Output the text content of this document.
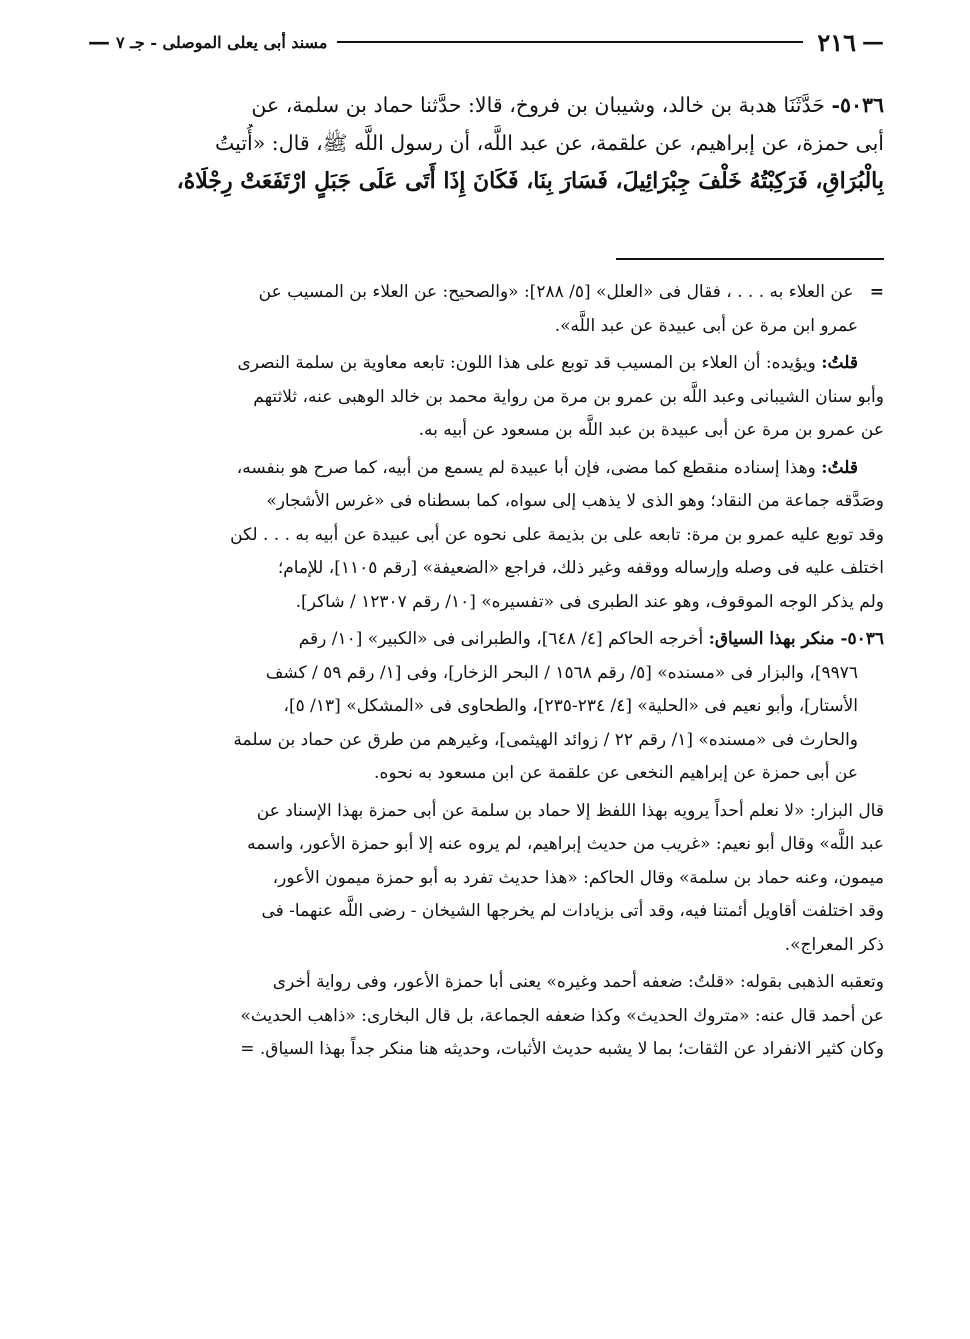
—
٢١٦
مسند أبى يعلى الموصلى - جـ ٧
—
٥٠٣٦- حَدَّثَنَا هدبة بن خالد، وشيبان بن فروخ، قالا: حدَّثنا حماد بن سلمة، عن
أبى حمزة، عن إبراهيم، عن علقمة، عن عبد اللَّه، أن رسول اللَّه ﷺ، قال: «أُتيتُ
بِالْبُرَاقِ، فَرَكِبْتُهُ خَلْفَ جِبْرَائِيلَ، فَسَارَ بِنَا، فَكَانَ إِذَا أَتَى عَلَى جَبَلٍ ارْتَفَعَتْ رِجْلَاهُ،

=   عن العلاء به . . . ، فقال فى «العلل» [٥/ ٢٨٨]: «والصحيح: عن العلاء بن المسيب عن
عمرو ابن مرة عن أبى عبيدة عن عبد اللَّه».

قلتُ: ويؤيده: أن العلاء بن المسيب قد توبع على هذا اللون: تابعه معاوية بن سلمة النصرى
وأبو سنان الشيبانى وعبد اللَّه بن عمرو بن مرة من رواية محمد بن خالد الوهبى عنه، ثلاثتهم
عن عمرو بن مرة عن أبى عبيدة بن عبد اللَّه بن مسعود عن أبيه به.

قلتُ: وهذا إسناده منقطع كما مضى، فإن أبا عبيدة لم يسمع من أبيه، كما صرح هو بنفسه،
وصَدَّقه جماعة من النقاد؛ وهو الذى لا يذهب إلى سواه، كما بسطناه فى «غرس الأشجار»
وقد توبع عليه عمرو بن مرة: تابعه على بن بذيمة على نحوه عن أبى عبيدة عن أبيه به . . . لكن
اختلف عليه فى وصله وإرساله ووقفه وغير ذلك، فراجع «الضعيفة» [رقم ١١٠٥]، للإمام؛
ولم يذكر الوجه الموقوف، وهو عند الطبرى فى «تفسيره» [١٠/ رقم ١٢٣٠٧ / شاكر].

٥٠٣٦- منكر بهذا السياق: أخرجه الحاكم [٤/ ٦٤٨]، والطبرانى فى «الكبير» [١٠/ رقم
٩٩٧٦]، والبزار فى «مسنده» [٥/ رقم ١٥٦٨ / البحر الزخار]، وفى [١/ رقم ٥٩ / كشف
الأستار]، وأبو نعيم فى «الحلية» [٤/ ٢٣٤-٢٣٥]، والطحاوى فى «المشكل» [١٣/ ٥]،
والحارث فى «مسنده» [١/ رقم ٢٢ / زوائد الهيثمى]، وغيرهم من طرق عن حماد بن سلمة
عن أبى حمزة عن إبراهيم النخعى عن علقمة عن ابن مسعود به نحوه.

قال البزار: «لا نعلم أحداً يرويه بهذا اللفظ إلا حماد بن سلمة عن أبى حمزة بهذا الإسناد عن
عبد اللَّه» وقال أبو نعيم: «غريب من حديث إبراهيم، لم يروه عنه إلا أبو حمزة الأعور، واسمه
ميمون، وعنه حماد بن سلمة» وقال الحاكم: «هذا حديث تفرد به أبو حمزة ميمون الأعور،
وقد اختلفت أقاويل أئمتنا فيه، وقد أتى بزيادات لم يخرجها الشيخان - رضى اللَّه عنهما- فى
ذكر المعراج».

وتعقبه الذهبى بقوله: «قلتُ: ضعفه أحمد وغيره» يعنى أبا حمزة الأعور، وفى رواية أخرى
عن أحمد قال عنه: «متروك الحديث» وكذا ضعفه الجماعة، بل قال البخارى: «ذاهب الحديث»
وكان كثير الانفراد عن الثقات؛ بما لا يشبه حديث الأثبات، وحديثه هنا منكر جداً بهذا السياق. =
